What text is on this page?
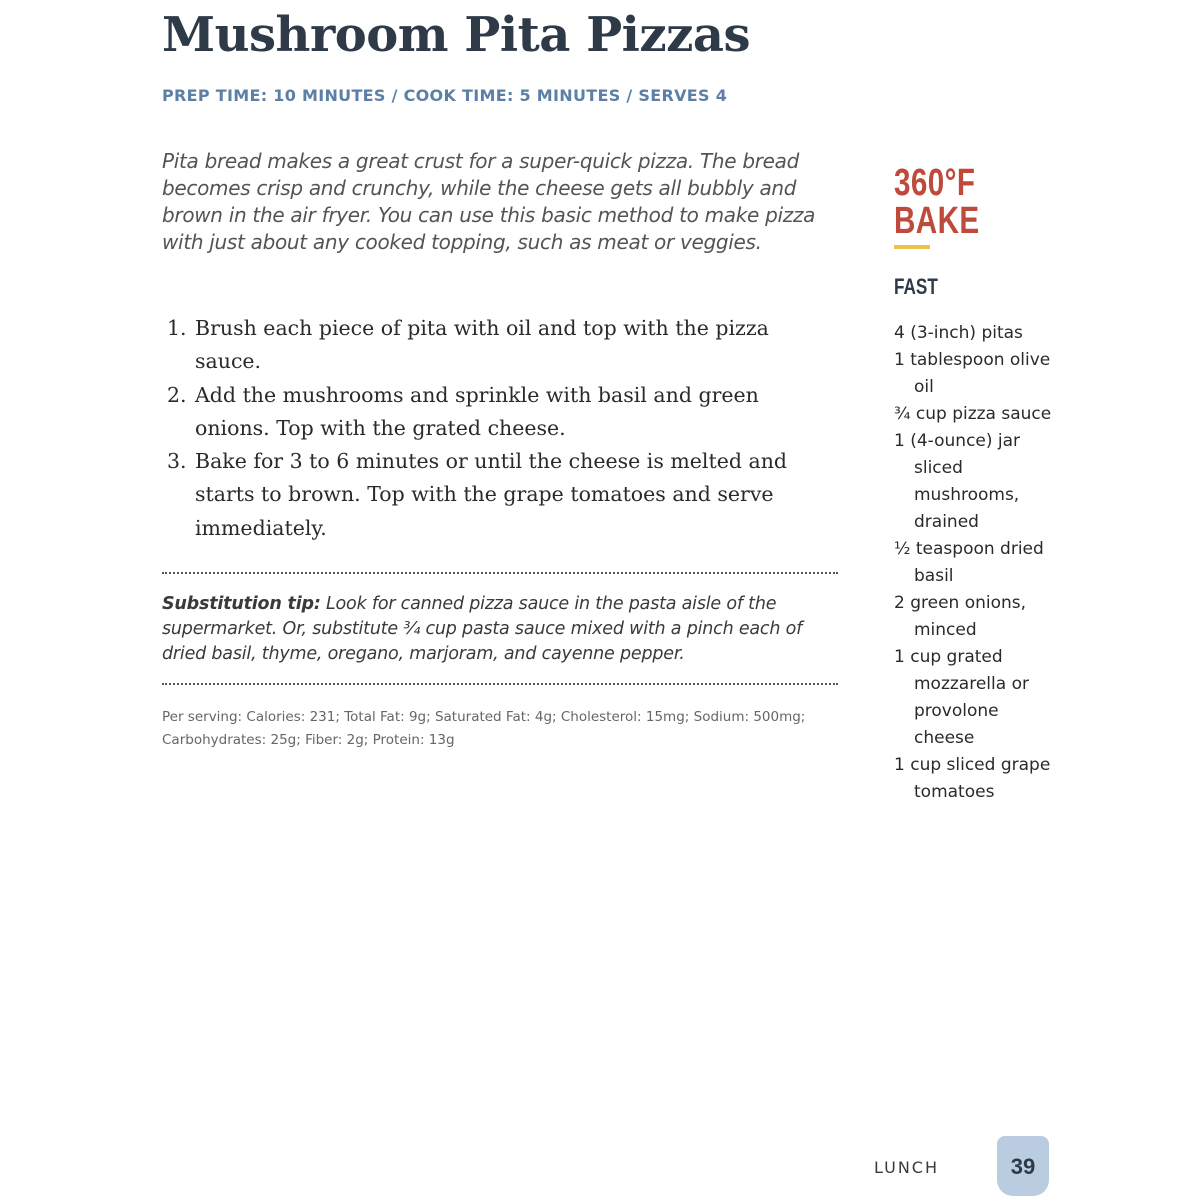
Mushroom Pita Pizzas
PREP TIME: 10 MINUTES / COOK TIME: 5 MINUTES / SERVES 4

Pita bread makes a great crust for a super-quick pizza. The bread becomes crisp and crunchy, while the cheese gets all bubbly and brown in the air fryer. You can use this basic method to make pizza with just about any cooked topping, such as meat or veggies.

1. Brush each piece of pita with oil and top with the pizza sauce.
2. Add the mushrooms and sprinkle with basil and green onions. Top with the grated cheese.
3. Bake for 3 to 6 minutes or until the cheese is melted and starts to brown. Top with the grape tomatoes and serve immediately.

Substitution tip: Look for canned pizza sauce in the pasta aisle of the supermarket. Or, substitute ¾ cup pasta sauce mixed with a pinch each of dried basil, thyme, oregano, marjoram, and cayenne pepper.

Per serving: Calories: 231; Total Fat: 9g; Saturated Fat: 4g; Cholesterol: 15mg; Sodium: 500mg; Carbohydrates: 25g; Fiber: 2g; Protein: 13g

360°F
BAKE
FAST
4 (3-inch) pitas
1 tablespoon olive oil
¾ cup pizza sauce
1 (4-ounce) jar sliced mushrooms, drained
½ teaspoon dried basil
2 green onions, minced
1 cup grated mozzarella or provolone cheese
1 cup sliced grape tomatoes
LUNCH	39
